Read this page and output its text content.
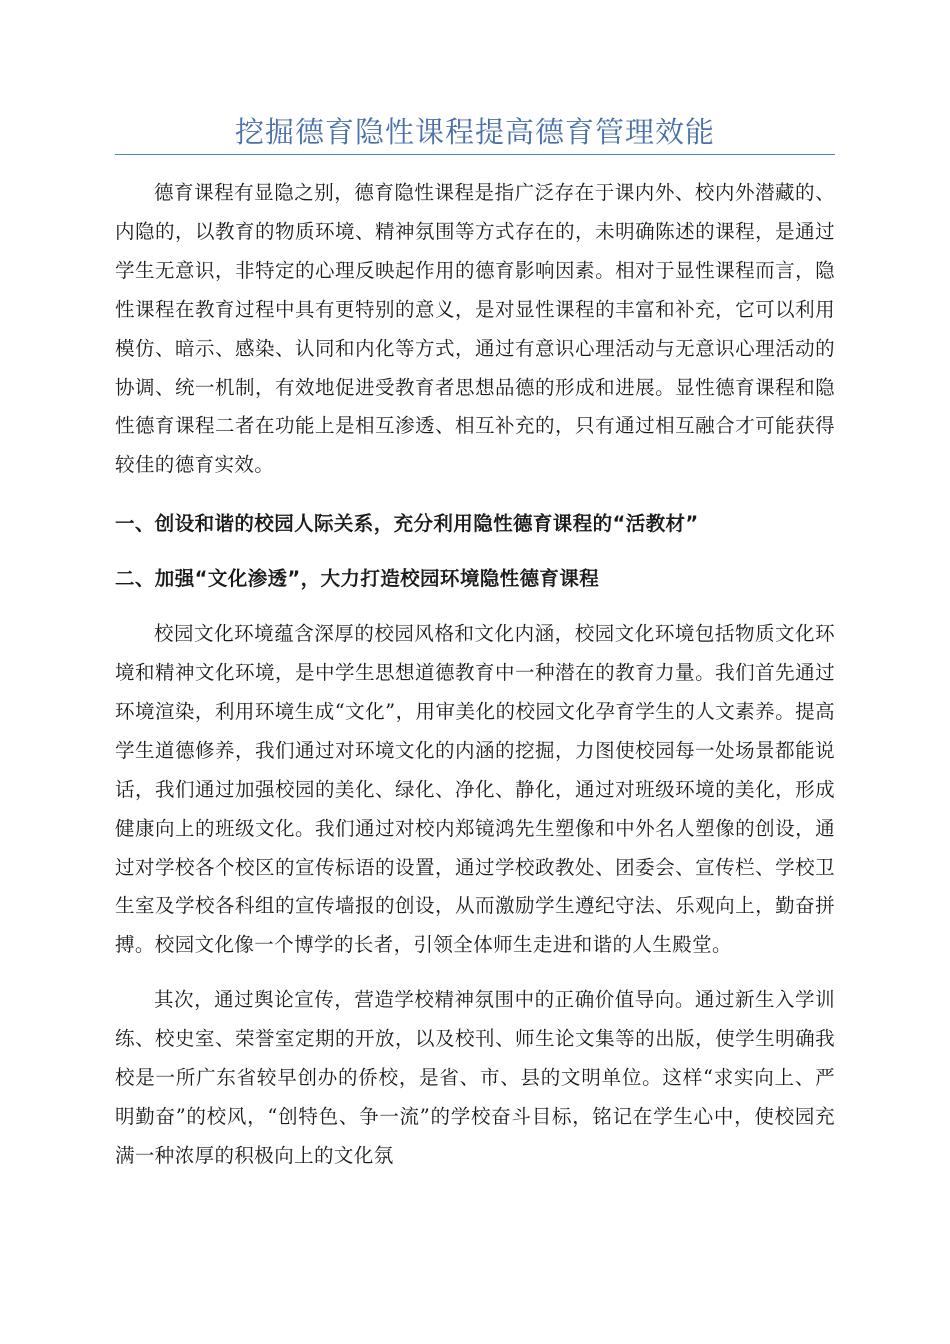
挖掘德育隐性课程提高德育管理效能

德育课程有显隐之别，德育隐性课程是指广泛存在于课内外、校内外潜藏的、内隐的，以教育的物质环境、精神氛围等方式存在的，未明确陈述的课程，是通过学生无意识，非特定的心理反映起作用的德育影响因素。相对于显性课程而言，隐性课程在教育过程中具有更特别的意义，是对显性课程的丰富和补充，它可以利用模仿、暗示、感染、认同和内化等方式，通过有意识心理活动与无意识心理活动的协调、统一机制，有效地促进受教育者思想品德的形成和进展。显性德育课程和隐性德育课程二者在功能上是相互渗透、相互补充的，只有通过相互融合才可能获得较佳的德育实效。

一、创设和谐的校园人际关系，充分利用隐性德育课程的“活教材”

二、加强“文化渗透”，大力打造校园环境隐性德育课程

校园文化环境蕴含深厚的校园风格和文化内涵，校园文化环境包括物质文化环境和精神文化环境，是中学生思想道德教育中一种潜在的教育力量。我们首先通过环境渲染，利用环境生成“文化”，用审美化的校园文化孕育学生的人文素养。提高学生道德修养，我们通过对环境文化的内涵的挖掘，力图使校园每一处场景都能说话，我们通过加强校园的美化、绿化、净化、静化，通过对班级环境的美化，形成健康向上的班级文化。我们通过对校内郑镜鸿先生塑像和中外名人塑像的创设，通过对学校各个校区的宣传标语的设置，通过学校政教处、团委会、宣传栏、学校卫生室及学校各科组的宣传墙报的创设，从而激励学生遵纪守法、乐观向上，勤奋拼搏。校园文化像一个博学的长者，引领全体师生走进和谐的人生殿堂。

其次，通过舆论宣传，营造学校精神氛围中的正确价值导向。通过新生入学训练、校史室、荣誉室定期的开放，以及校刊、师生论文集等的出版，使学生明确我校是一所广东省较早创办的侨校，是省、市、县的文明单位。这样“求实向上、严明勤奋”的校风，“创特色、争一流”的学校奋斗目标，铭记在学生心中，使校园充满一种浓厚的积极向上的文化氛
